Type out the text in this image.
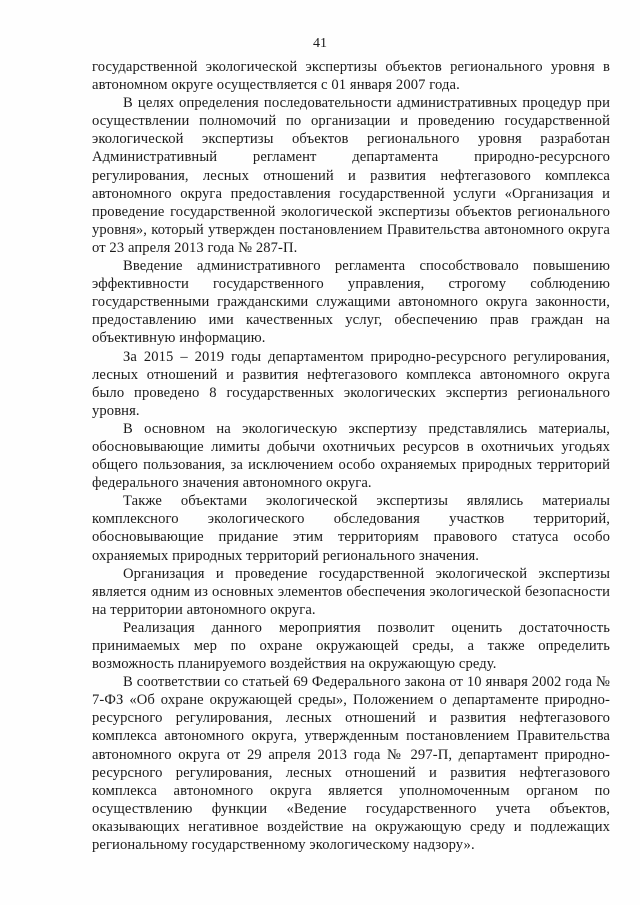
41

государственной экологической экспертизы объектов регионального уровня в автономном округе осуществляется с 01 января 2007 года.

В целях определения последовательности административных процедур при осуществлении полномочий по организации и проведению государственной экологической экспертизы объектов регионального уровня разработан Административный регламент департамента природно-ресурсного регулирования, лесных отношений и развития нефтегазового комплекса автономного округа предоставления государственной услуги «Организация и проведение государственной экологической экспертизы объектов регионального уровня», который утвержден постановлением Правительства автономного округа от 23 апреля 2013 года № 287-П.

Введение административного регламента способствовало повышению эффективности государственного управления, строгому соблюдению государственными гражданскими служащими автономного округа законности, предоставлению ими качественных услуг, обеспечению прав граждан на объективную информацию.

За 2015 – 2019 годы департаментом природно-ресурсного регулирования, лесных отношений и развития нефтегазового комплекса автономного округа было проведено 8 государственных экологических экспертиз регионального уровня.

В основном на экологическую экспертизу представлялись материалы, обосновывающие лимиты добычи охотничьих ресурсов в охотничьих угодьях общего пользования, за исключением особо охраняемых природных территорий федерального значения автономного округа.

Также объектами экологической экспертизы являлись материалы комплексного экологического обследования участков территорий, обосновывающие придание этим территориям правового статуса особо охраняемых природных территорий регионального значения.

Организация и проведение государственной экологической экспертизы является одним из основных элементов обеспечения экологической безопасности на территории автономного округа.

Реализация данного мероприятия позволит оценить достаточность принимаемых мер по охране окружающей среды, а также определить возможность планируемого воздействия на окружающую среду.

В соответствии со статьей 69 Федерального закона от 10 января 2002 года № 7-ФЗ «Об охране окружающей среды», Положением о департаменте природно-ресурсного регулирования, лесных отношений и развития нефтегазового комплекса автономного округа, утвержденным постановлением Правительства автономного округа от 29 апреля 2013 года № 297-П, департамент природно-ресурсного регулирования, лесных отношений и развития нефтегазового комплекса автономного округа является уполномоченным органом по осуществлению функции «Ведение государственного учета объектов, оказывающих негативное воздействие на окружающую среду и подлежащих региональному государственному экологическому надзору».
